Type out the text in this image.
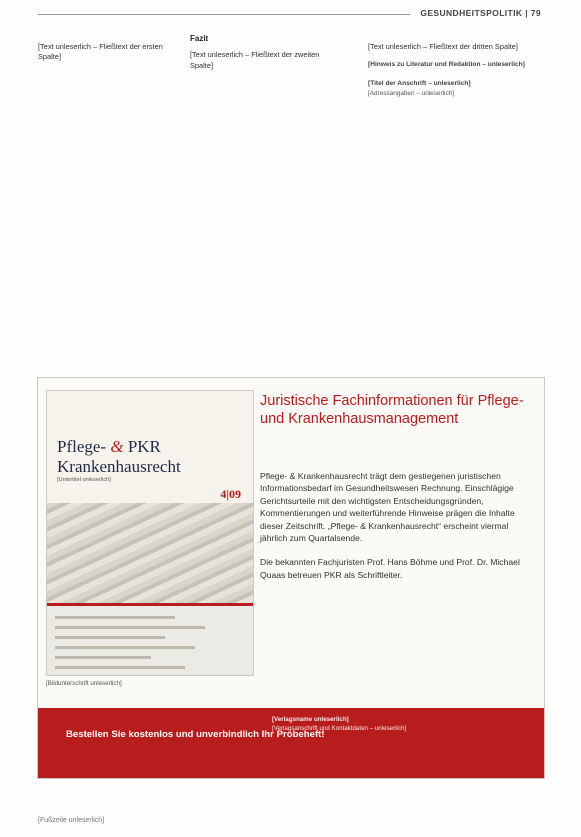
GESUNDHEITSPOLITIK | 79

[Text unleserlich – Fließtext der ersten Spalte]

Fazit

[Text unleserlich – Fließtext der zweiten Spalte]

[Text unleserlich – Fließtext der dritten Spalte]

[Hinweis zu Literatur und Redaktion – unleserlich]
[Titel der Anschrift – unleserlich]
[Adressangaben – unleserlich]
Pflege- & PKR
Krankenhausrecht
[Untertitel unleserlich]
4|09
[Bildunterschrift unleserlich]
Juristische Fachinformationen für Pflege- und Krankenhausmanagement

Pflege- & Krankenhausrecht trägt dem gestiegenen juristischen Informationsbedarf im Gesundheitswesen Rechnung. Einschlägige Gerichtsurteile mit den wichtigsten Entscheidungsgründen, Kommentierungen und weiterführende Hinweise prägen die Inhalte dieser Zeitschrift. „Pflege- & Krankenhausrecht“ erscheint viermal jährlich zum Quartalsende.

Die bekannten Fachjuristen Prof. Hans Böhme und Prof. Dr. Michael Quaas betreuen PKR als Schriftleiter.

Bestellen Sie kostenlos und unverbindlich Ihr Probeheft!
[Verlagsname unleserlich]
[Verlagsanschrift und Kontaktdaten – unleserlich]
[Fußzeile unleserlich]
